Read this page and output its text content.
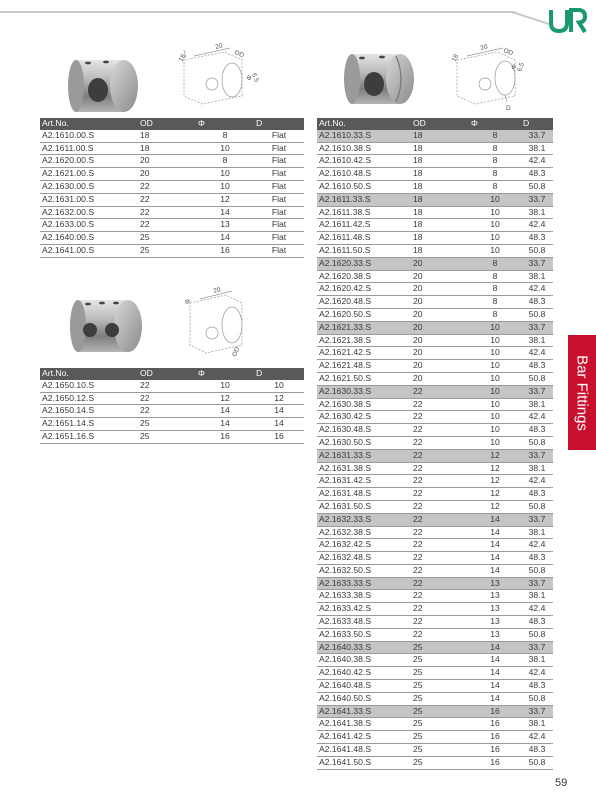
18
20
OD
Φ
6.5
18
20 OD
Φ
6.5
D
Art.No.	OD	Φ	D
A2.1610.00.S	18	8	Flat
A2.1611.00.S	18	10	Flat
A2.1620.00.S	20	8	Flat
A2.1621.00.S	20	10	Flat
A2.1630.00.S	22	10	Flat
A2.1631.00.S	22	12	Flat
A2.1632.00.S	22	14	Flat
A2.1633.00.S	22	13	Flat
A2.1640.00.S	25	14	Flat
A2.1641.00.S	25	16	Flat
Φ
20
OD
Art.No.	OD	Φ	D
A2.1650.10.S	22	10	10
A2.1650.12.S	22	12	12
A2.1650.14.S	22	14	14
A2.1651.14.S	25	14	14
A2.1651.16.S	25	16	16
Art.No.	OD	Φ	D
A2.1610.33.S	18	8	33.7
A2.1610.38.S	18	8	38.1
A2.1610.42.S	18	8	42.4
A2.1610.48.S	18	8	48.3
A2.1610.50.S	18	8	50.8
A2.1611.33.S	18	10	33.7
A2.1611.38.S	18	10	38.1
A2.1611.42.S	18	10	42.4
A2.1611.48.S	18	10	48.3
A2.1611.50.S	18	10	50.8
A2.1620.33.S	20	8	33.7
A2.1620.38.S	20	8	38.1
A2.1620.42.S	20	8	42.4
A2.1620.48.S	20	8	48.3
A2.1620.50.S	20	8	50.8
A2.1621.33.S	20	10	33.7
A2.1621.38.S	20	10	38.1
A2.1621.42.S	20	10	42.4
A2.1621.48.S	20	10	48.3
A2.1621.50.S	20	10	50.8
A2.1630.33.S	22	10	33.7
A2.1630.38.S	22	10	38.1
A2.1630.42.S	22	10	42.4
A2.1630.48.S	22	10	48.3
A2.1630.50.S	22	10	50.8
A2.1631.33.S	22	12	33.7
A2.1631.38.S	22	12	38.1
A2.1631.42.S	22	12	42.4
A2.1631.48.S	22	12	48.3
A2.1631.50.S	22	12	50.8
A2.1632.33.S	22	14	33.7
A2.1632.38.S	22	14	38.1
A2.1632.42.S	22	14	42.4
A2.1632.48.S	22	14	48.3
A2.1632.50.S	22	14	50.8
A2.1633.33.S	22	13	33.7
A2.1633.38.S	22	13	38.1
A2.1633.42.S	22	13	42.4
A2.1633.48.S	22	13	48.3
A2.1633.50.S	22	13	50.8
A2.1640.33.S	25	14	33.7
A2.1640.38.S	25	14	38.1
A2.1640.42.S	25	14	42.4
A2.1640.48.S	25	14	48.3
A2.1640.50.S	25	14	50.8
A2.1641.33.S	25	16	33.7
A2.1641.38.S	25	16	38.1
A2.1641.42.S	25	16	42.4
A2.1641.48.S	25	16	48.3
A2.1641.50.S	25	16	50.8
Bar Fittings
59
